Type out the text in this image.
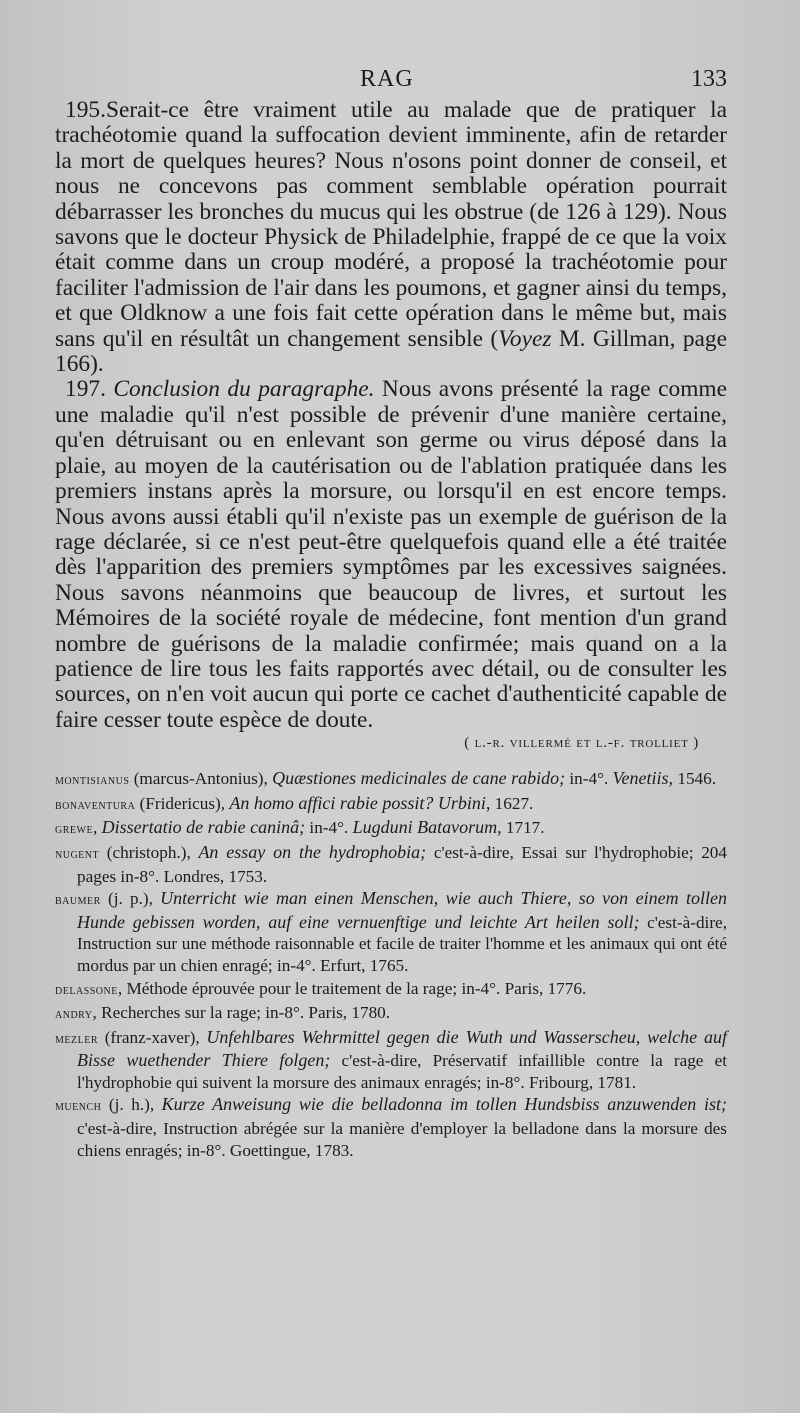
RAG	133

195.Serait-ce être vraiment utile au malade que de pratiquer la trachéotomie quand la suffocation devient imminente, afin de retarder la mort de quelques heures? Nous n'osons point donner de conseil, et nous ne concevons pas comment semblable opération pourrait débarrasser les bronches du mucus qui les obstrue (de 126 à 129). Nous savons que le docteur Physick de Philadelphie, frappé de ce que la voix était comme dans un croup modéré, a proposé la trachéotomie pour faciliter l'admission de l'air dans les poumons, et gagner ainsi du temps, et que Oldknow a une fois fait cette opération dans le même but, mais sans qu'il en résultât un changement sensible (Voyez M. Gillman, page 166).

197. Conclusion du paragraphe. Nous avons présenté la rage comme une maladie qu'il n'est possible de prévenir d'une manière certaine, qu'en détruisant ou en enlevant son germe ou virus déposé dans la plaie, au moyen de la cautérisation ou de l'ablation pratiquée dans les premiers instans après la morsure, ou lorsqu'il en est encore temps. Nous avons aussi établi qu'il n'existe pas un exemple de guérison de la rage déclarée, si ce n'est peut-être quelquefois quand elle a été traitée dès l'apparition des premiers symptômes par les excessives saignées. Nous savons néanmoins que beaucoup de livres, et surtout les Mémoires de la société royale de médecine, font mention d'un grand nombre de guérisons de la maladie confirmée; mais quand on a la patience de lire tous les faits rapportés avec détail, ou de consulter les sources, on n'en voit aucun qui porte ce cachet d'authenticité capable de faire cesser toute espèce de doute.

( l.-r. villermé et l.-f. trolliet )

montisianus (marcus-Antonius), Quæstiones medicinales de cane rabido; in-4°. Venetiis, 1546.

bonaventura (Fridericus), An homo affici rabie possit? Urbini, 1627.

grewe, Dissertatio de rabie caninâ; in-4°. Lugduni Batavorum, 1717.

nugent (christoph.), An essay on the hydrophobia; c'est-à-dire, Essai sur l'hydrophobie; 204 pages in-8°. Londres, 1753.

baumer (j. p.), Unterricht wie man einen Menschen, wie auch Thiere, so von einem tollen Hunde gebissen worden, auf eine vernuenftige und leichte Art heilen soll; c'est-à-dire, Instruction sur une méthode raisonnable et facile de traiter l'homme et les animaux qui ont été mordus par un chien enragé; in-4°. Erfurt, 1765.

delassone, Méthode éprouvée pour le traitement de la rage; in-4°. Paris, 1776.

andry, Recherches sur la rage; in-8°. Paris, 1780.

mezler (franz-xaver), Unfehlbares Wehrmittel gegen die Wuth und Wasserscheu, welche auf Bisse wuethender Thiere folgen; c'est-à-dire, Préservatif infaillible contre la rage et l'hydrophobie qui suivent la morsure des animaux enragés; in-8°. Fribourg, 1781.

muench (j. h.), Kurze Anweisung wie die belladonna im tollen Hundsbiss anzuwenden ist; c'est-à-dire, Instruction abrégée sur la manière d'employer la belladone dans la morsure des chiens enragés; in-8°. Goettingue, 1783.
